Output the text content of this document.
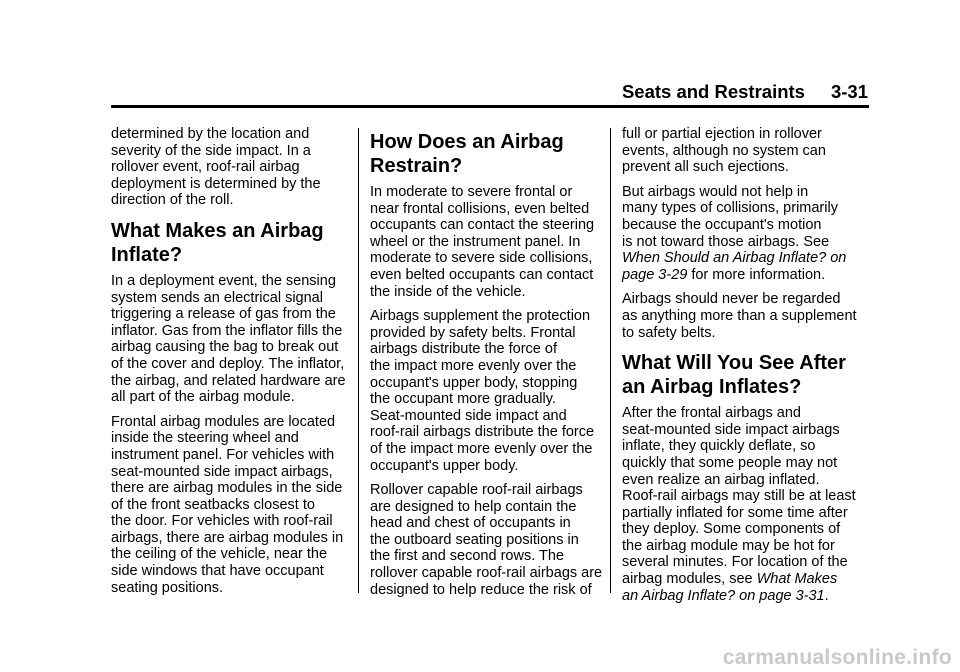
Seats and Restraints 3-31

determined by the location and
severity of the side impact. In a
rollover event, roof-rail airbag
deployment is determined by the
direction of the roll.

What Makes an Airbag
Inflate?

In a deployment event, the sensing
system sends an electrical signal
triggering a release of gas from the
inflator. Gas from the inflator fills the
airbag causing the bag to break out
of the cover and deploy. The inflator,
the airbag, and related hardware are
all part of the airbag module.

Frontal airbag modules are located
inside the steering wheel and
instrument panel. For vehicles with
seat-mounted side impact airbags,
there are airbag modules in the side
of the front seatbacks closest to
the door. For vehicles with roof-rail
airbags, there are airbag modules in
the ceiling of the vehicle, near the
side windows that have occupant
seating positions.

How Does an Airbag
Restrain?

In moderate to severe frontal or
near frontal collisions, even belted
occupants can contact the steering
wheel or the instrument panel. In
moderate to severe side collisions,
even belted occupants can contact
the inside of the vehicle.

Airbags supplement the protection
provided by safety belts. Frontal
airbags distribute the force of
the impact more evenly over the
occupant's upper body, stopping
the occupant more gradually.
Seat-mounted side impact and
roof-rail airbags distribute the force
of the impact more evenly over the
occupant's upper body.

Rollover capable roof-rail airbags
are designed to help contain the
head and chest of occupants in
the outboard seating positions in
the first and second rows. The
rollover capable roof-rail airbags are
designed to help reduce the risk of

full or partial ejection in rollover
events, although no system can
prevent all such ejections.

But airbags would not help in
many types of collisions, primarily
because the occupant's motion
is not toward those airbags. See
When Should an Airbag Inflate? on
page 3-29 for more information.

Airbags should never be regarded
as anything more than a supplement
to safety belts.

What Will You See After
an Airbag Inflates?

After the frontal airbags and
seat-mounted side impact airbags
inflate, they quickly deflate, so
quickly that some people may not
even realize an airbag inflated.
Roof-rail airbags may still be at least
partially inflated for some time after
they deploy. Some components of
the airbag module may be hot for
several minutes. For location of the
airbag modules, see What Makes
an Airbag Inflate? on page 3-31.

carmanualsonline.info
